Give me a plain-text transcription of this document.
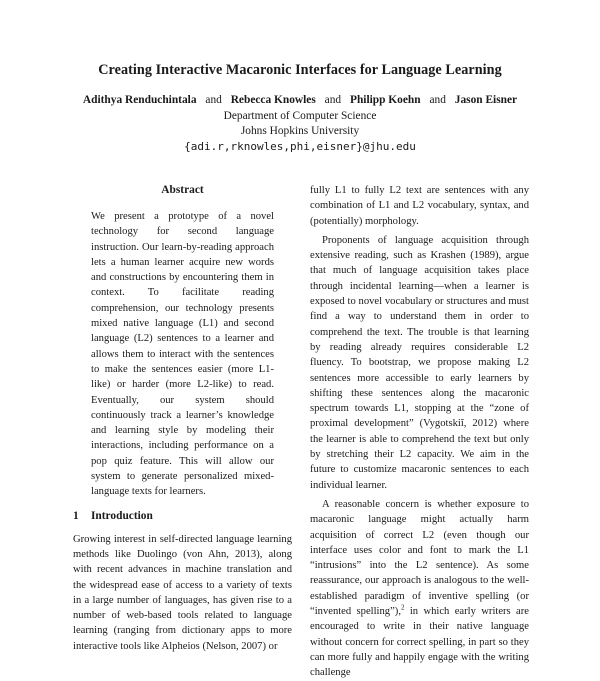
Creating Interactive Macaronic Interfaces for Language Learning
Adithya Renduchintala and Rebecca Knowles and Philipp Koehn and Jason Eisner
Department of Computer Science
Johns Hopkins University
{adi.r,rknowles,phi,eisner}@jhu.edu
Abstract
We present a prototype of a novel technology for second language instruction. Our learn-by-reading approach lets a human learner acquire new words and constructions by encountering them in context. To facilitate reading comprehension, our technology presents mixed native language (L1) and second language (L2) sentences to a learner and allows them to interact with the sentences to make the sentences easier (more L1-like) or harder (more L2-like) to read. Eventually, our system should continuously track a learner’s knowledge and learning style by modeling their interactions, including performance on a pop quiz feature. This will allow our system to generate personalized mixed-language texts for learners.
1 Introduction

Growing interest in self-directed language learning methods like Duolingo (von Ahn, 2013), along with recent advances in machine translation and the widespread ease of access to a variety of texts in a large number of languages, has given rise to a number of web-based tools related to language learning (ranging from dictionary apps to more interactive tools like Alpheios (Nelson, 2007) or

fully L1 to fully L2 text are sentences with any combination of L1 and L2 vocabulary, syntax, and (potentially) morphology.

Proponents of language acquisition through extensive reading, such as Krashen (1989), argue that much of language acquisition takes place through incidental learning—when a learner is exposed to novel vocabulary or structures and must find a way to understand them in order to comprehend the text. The trouble is that learning by reading already requires considerable L2 fluency. To bootstrap, we propose making L2 sentences more accessible to early learners by shifting these sentences along the macaronic spectrum towards L1, stopping at the “zone of proximal development” (Vygotskiĭ, 2012) where the learner is able to comprehend the text but only by stretching their L2 capacity. We aim in the future to customize macaronic sentences to each individual learner.

A reasonable concern is whether exposure to macaronic language might actually harm acquisition of correct L2 (even though our interface uses color and font to mark the L1 “intrusions” into the L2 sentence). As some reassurance, our approach is analogous to the well-established paradigm of inventive spelling (or “invented spelling”),$^2$ in which early writers are encouraged to write in their native language without concern for correct spelling, in part so they can more fully and happily engage with the writing challenge
